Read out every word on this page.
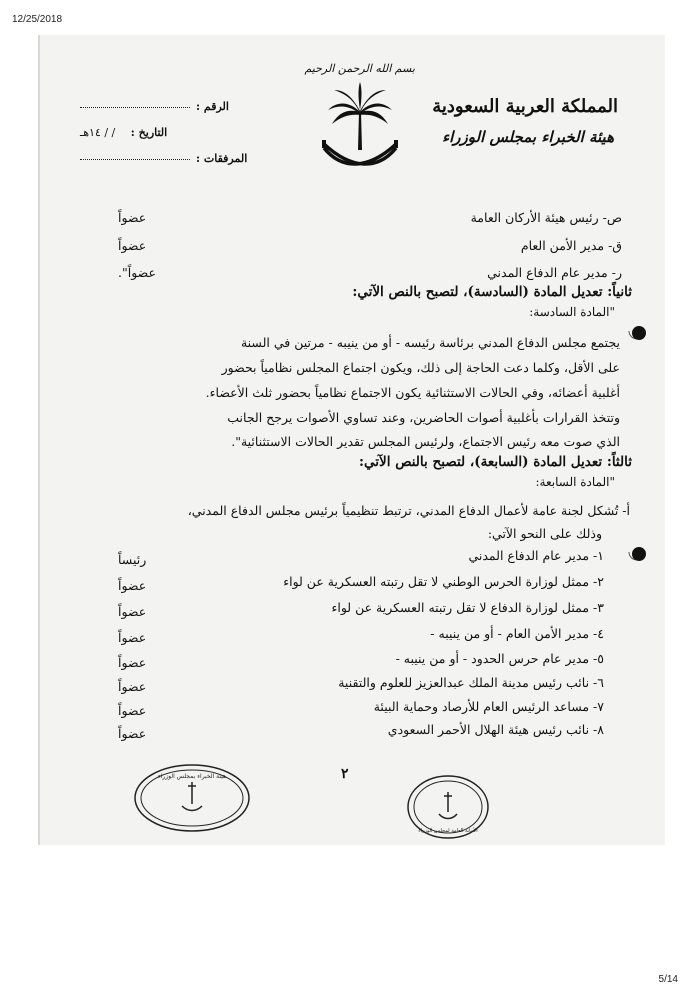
12/25/2018
بسم الله الرحمن الرحيم
المملكة العربية السعودية
هيئة الخبراء بمجلس الوزراء
الرقم :
التاريخ : / / ١٤هـ
المرفقات :
ص- رئيس هيئة الأركان العامة
عضواً
ق- مدير الأمن العام
عضواً
ر- مدير عام الدفاع المدني
عضواً".
ثانياً: تعديل المادة (السادسة)، لتصبح بالنص الآتي:
"المادة السادسة:
يجتمع مجلس الدفاع المدني برئاسة رئيسه - أو من ينيبه - مرتين في السنة
على الأقل، وكلما دعت الحاجة إلى ذلك، ويكون اجتماع المجلس نظامياً بحضور
أغلبية أعضائه، وفي الحالات الاستثنائية يكون الاجتماع نظامياً بحضور ثلث الأعضاء.
وتتخذ القرارات بأغلبية أصوات الحاضرين، وعند تساوي الأصوات يرجح الجانب
الذي صوت معه رئيس الاجتماع، ولرئيس المجلس تقدير الحالات الاستثنائية".
ثالثاً: تعديل المادة (السابعة)، لتصبح بالنص الآتي:
"المادة السابعة:
أ- تُشكل لجنة عامة لأعمال الدفاع المدني، ترتبط تنظيمياً برئيس مجلس الدفاع المدني،
وذلك على النحو الآتي:
١- مدير عام الدفاع المدني
رئيساً
٢- ممثل لوزارة الحرس الوطني لا تقل رتبته العسكرية عن لواء
عضواً
٣- ممثل لوزارة الدفاع لا تقل رتبته العسكرية عن لواء
عضواً
٤- مدير الأمن العام - أو من ينيبه -
عضواً
٥- مدير عام حرس الحدود - أو من ينيبه -
عضواً
٦- نائب رئيس مدينة الملك عبدالعزيز للعلوم والتقنية
عضواً
٧- مساعد الرئيس العام للأرصاد وحماية البيئة
عضواً
٨- نائب رئيس هيئة الهلال الأحمر السعودي
عضواً
٢
هيئة الخبراء بمجلس الوزراء
الأمانة العامة لمجلس الوزراء
5/14
